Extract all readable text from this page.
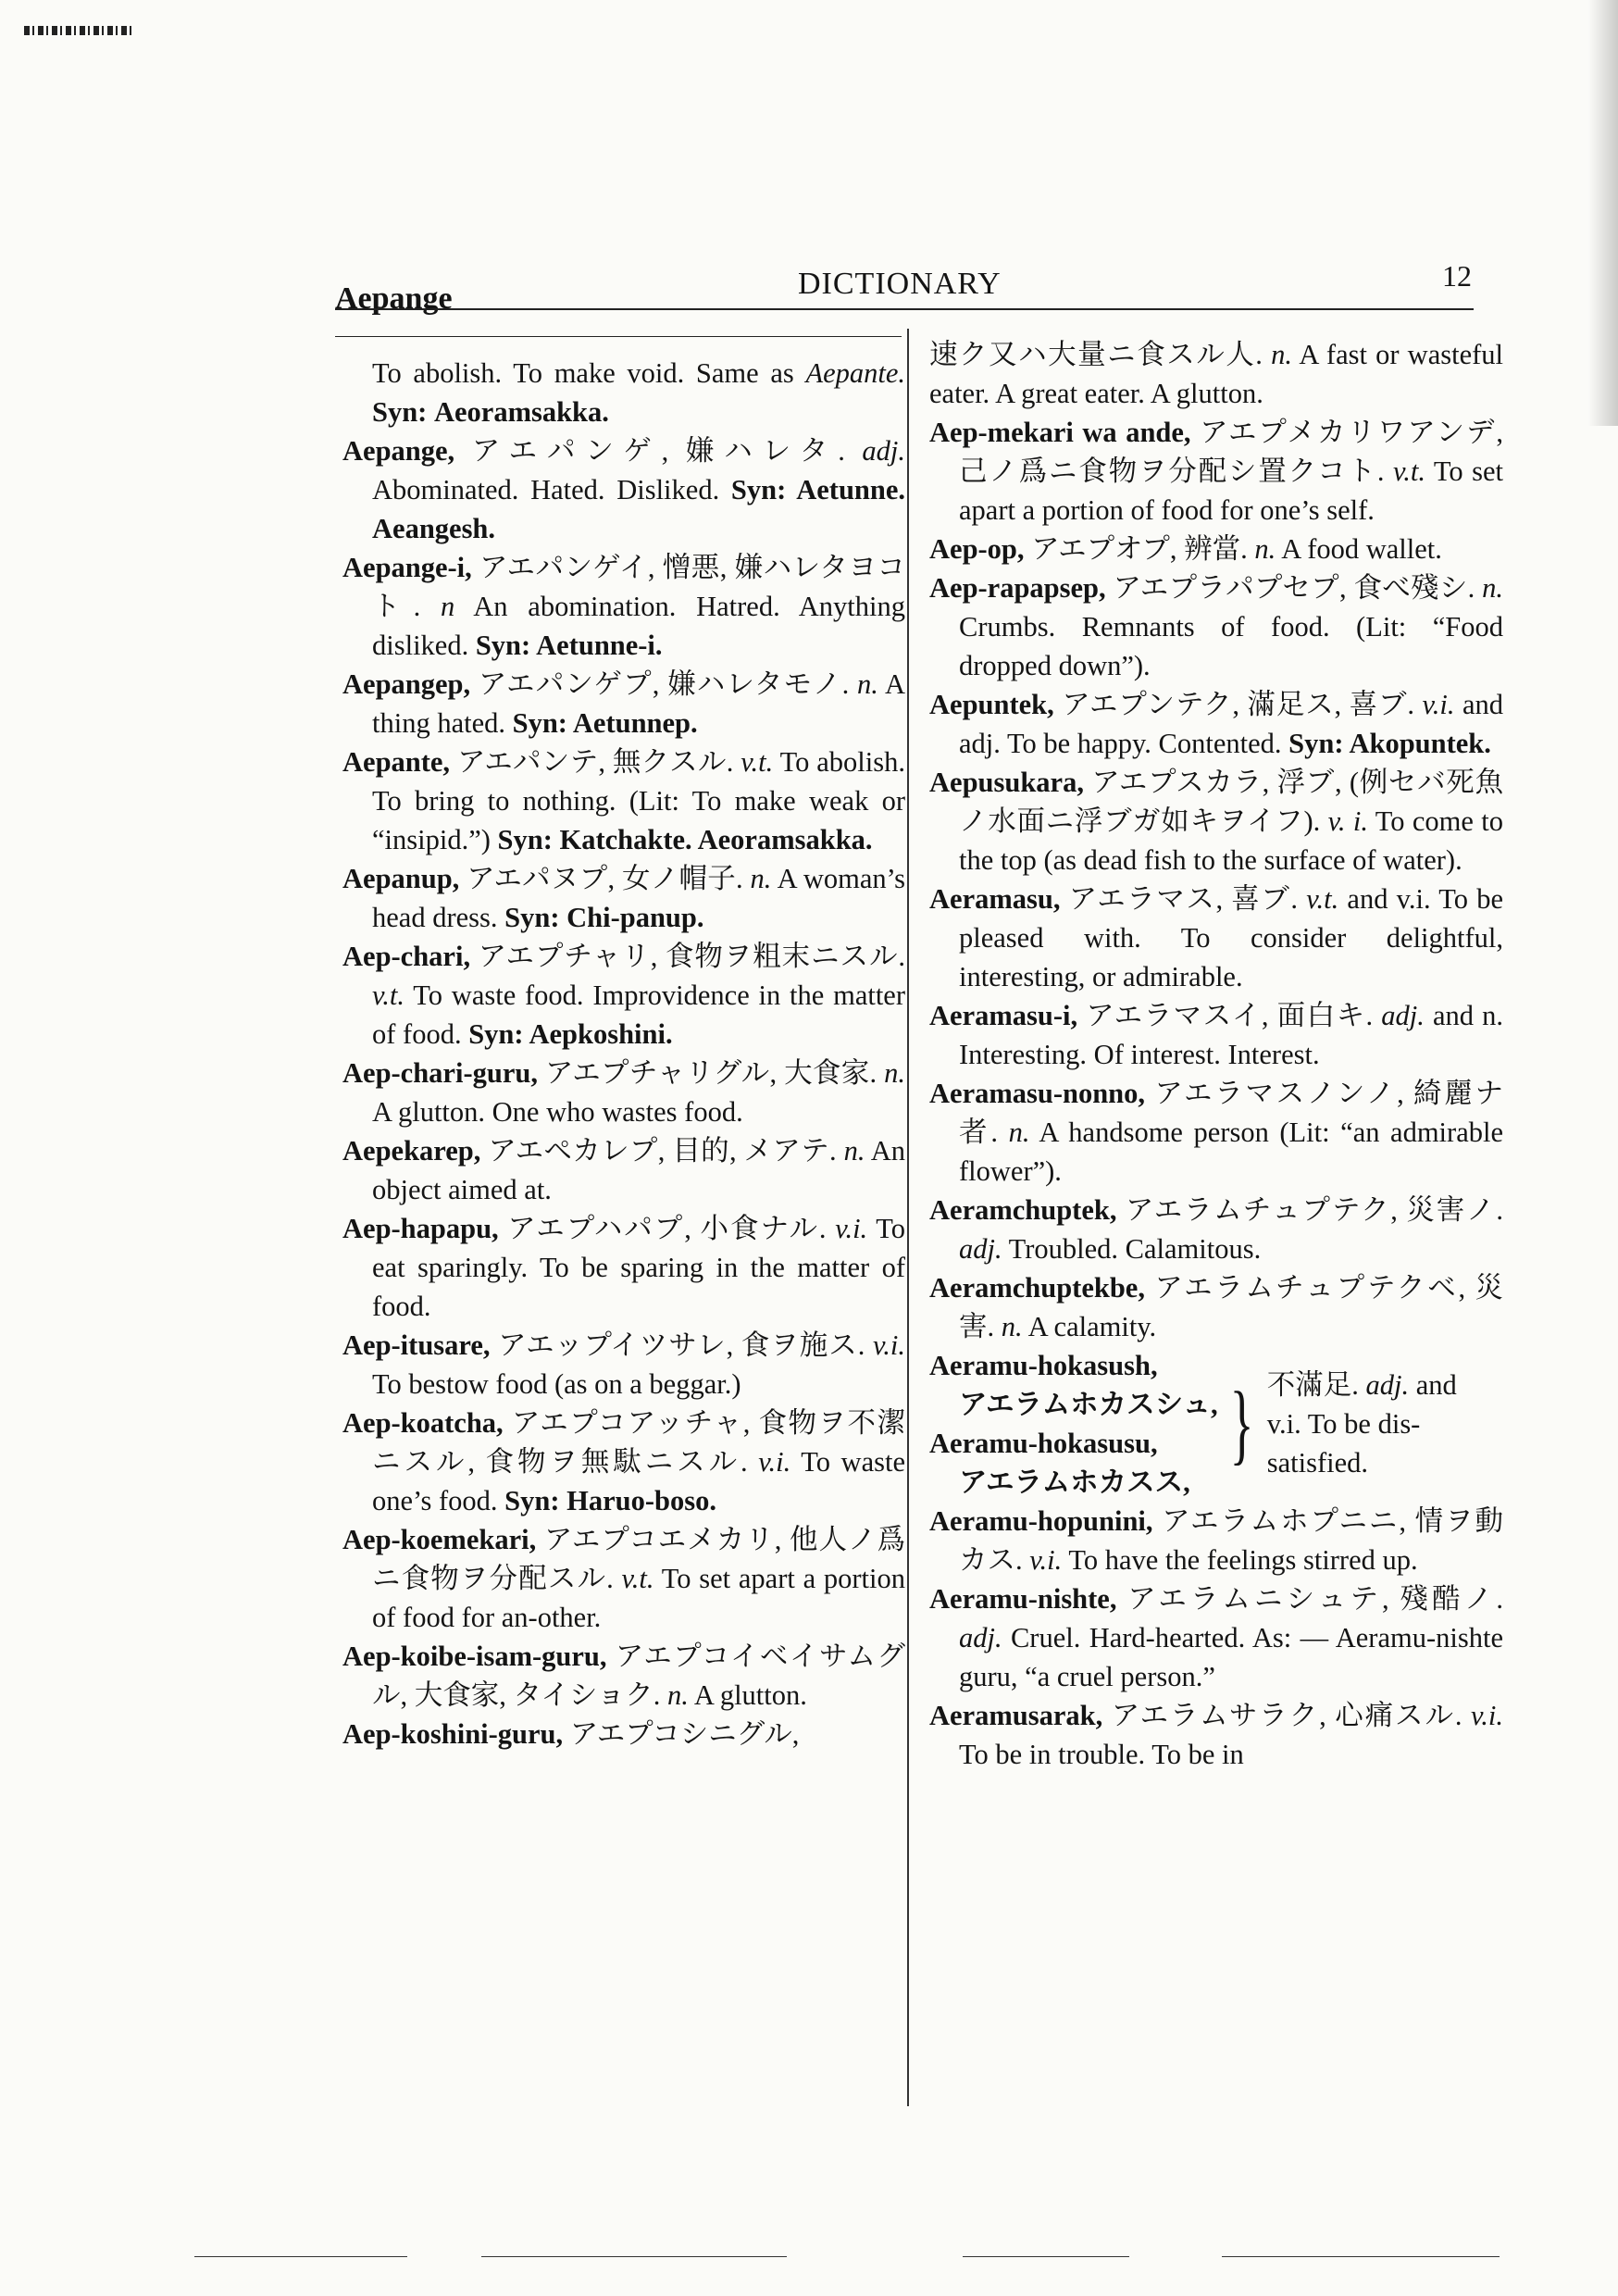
Aepange	DICTIONARY	12

To abolish. To make void. Same as Aepante. Syn: Aeoramsakka.

Aepange, アエパンゲ, 嫌ハレタ. adj. Abominated. Hated. Disliked. Syn: Aetunne. Aeangesh.

Aepange-i, アエパンゲイ, 憎悪, 嫌ハレタヨコト. n An abomination. Hatred. Anything disliked. Syn: Aetunne-i.

Aepangep, アエパンゲプ, 嫌ハレタモノ. n. A thing hated. Syn: Aetunnep.

Aepante, アエパンテ, 無クスル. v.t. To abolish. To bring to nothing. (Lit: To make weak or “insipid.”) Syn: Katchakte. Aeoramsakka.

Aepanup, アエパヌプ, 女ノ帽子. n. A woman’s head dress. Syn: Chi-panup.

Aep-chari, アエプチャリ, 食物ヲ粗末ニスル. v.t. To waste food. Improvidence in the matter of food. Syn: Aepkoshini.

Aep-chari-guru, アエプチャリグル, 大食家. n. A glutton. One who wastes food.

Aepekarep, アエペカレプ, 目的, メアテ. n. An object aimed at.

Aep-hapapu, アエプハパプ, 小食ナル. v.i. To eat sparingly. To be sparing in the matter of food.

Aep-itusare, アエップイツサレ, 食ヲ施ス. v.i. To bestow food (as on a beggar.)

Aep-koatcha, アエプコアッチャ, 食物ヲ不潔ニスル, 食物ヲ無駄ニスル. v.i. To waste one’s food. Syn: Haruo-boso.

Aep-koemekari, アエプコエメカリ, 他人ノ爲ニ食物ヲ分配スル. v.t. To set apart a portion of food for an-other.

Aep-koibe-isam-guru, アエプコイベイサムグル, 大食家, タイショク. n. A glutton.

Aep-koshini-guru, アエプコシニグル,

速ク又ハ大量ニ食スル人. n. A fast or wasteful eater. A great eater. A glutton.

Aep-mekari wa ande, アエプメカリワアンデ, 己ノ爲ニ食物ヲ分配シ置クコト. v.t. To set apart a portion of food for one’s self.

Aep-op, アエプオプ, 辨當. n. A food wallet.

Aep-rapapsep, アエプラパプセプ, 食べ殘シ. n. Crumbs. Remnants of food. (Lit: “Food dropped down”).

Aepuntek, アエプンテク, 滿足ス, 喜ブ. v.i. and adj. To be happy. Contented. Syn: Akopuntek.

Aepusukara, アエプスカラ, 浮ブ, (例セバ死魚ノ水面ニ浮ブガ如キヲイフ). v. i. To come to the top (as dead fish to the surface of water).

Aeramasu, アエラマス, 喜ブ. v.t. and v.i. To be pleased with. To consider delightful, interesting, or admirable.

Aeramasu-i, アエラマスイ, 面白キ. adj. and n. Interesting. Of interest. Interest.

Aeramasu-nonno, アエラマスノンノ, 綺麗ナ者. n. A handsome person (Lit: “an admirable flower”).

Aeramchuptek, アエラムチュプテク, 災害ノ. adj. Troubled. Calamitous.

Aeramchuptekbe, アエラムチュプテクベ, 災害. n. A calamity.

Aeramu-hokasush,
アエラムホカスシュ,
Aeramu-hokasusu,
アエラムホカスス,
} 不滿足. adj. and v.i. To be dis-satisfied.

Aeramu-hopunini, アエラムホプニニ, 情ヲ動カス. v.i. To have the feelings stirred up.

Aeramu-nishte, アエラムニシュテ, 殘酷ノ. adj. Cruel. Hard-hearted. As: — Aeramu-nishte guru, “a cruel person.”

Aeramusarak, アエラムサラク, 心痛スル. v.i. To be in trouble. To be in
